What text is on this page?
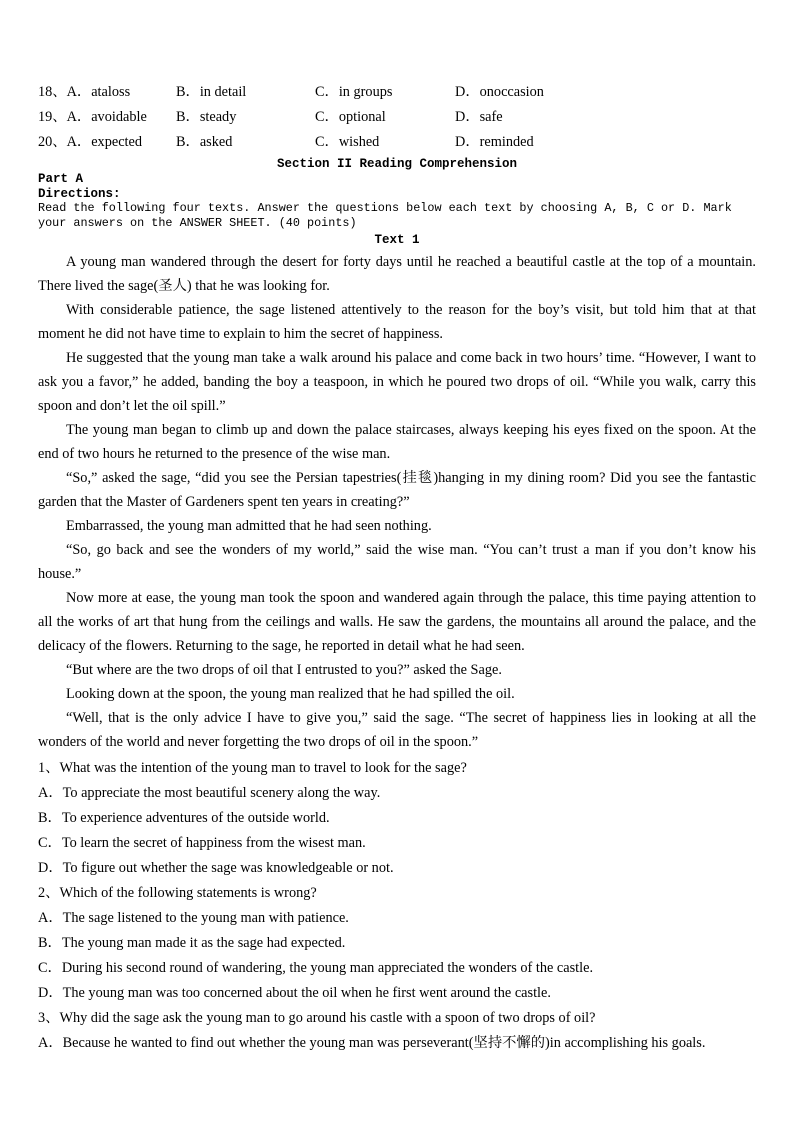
18、A．ataloss	B．in detail	C．in groups	D．onoccasion
19、A．avoidable	B．steady	C．optional	D．safe
20、A．expected	B．asked	C．wished	D．reminded
Section II Reading Comprehension
Part A
Directions:
Read the following four texts. Answer the questions below each text by choosing A, B, C or D. Mark your answers on the ANSWER SHEET. (40 points)
Text 1

A young man wandered through the desert for forty days until he reached a beautiful castle at the top of a mountain. There lived the sage(圣人) that he was looking for.

With considerable patience, the sage listened attentively to the reason for the boy’s visit, but told him that at that moment he did not have time to explain to him the secret of happiness.

He suggested that the young man take a walk around his palace and come back in two hours’ time. “However, I want to ask you a favor,” he added, banding the boy a teaspoon, in which he poured two drops of oil. “While you walk, carry this spoon and don’t let the oil spill.”

The young man began to climb up and down the palace staircases, always keeping his eyes fixed on the spoon. At the end of two hours he returned to the presence of the wise man.

“So,” asked the sage, “did you see the Persian tapestries(挂毯)hanging in my dining room? Did you see the fantastic garden that the Master of Gardeners spent ten years in creating?”

Embarrassed, the young man admitted that he had seen nothing.

“So, go back and see the wonders of my world,” said the wise man. “You can’t trust a man if you don’t know his house.”

Now more at ease, the young man took the spoon and wandered again through the palace, this time paying attention to all the works of art that hung from the ceilings and walls. He saw the gardens, the mountains all around the palace, and the delicacy of the flowers. Returning to the sage, he reported in detail what he had seen.

“But where are the two drops of oil that I entrusted to you?” asked the Sage.

Looking down at the spoon, the young man realized that he had spilled the oil.

“Well, that is the only advice I have to give you,” said the sage. “The secret of happiness lies in looking at all the wonders of the world and never forgetting the two drops of oil in the spoon.”

1、What was the intention of the young man to travel to look for the sage?
A．To appreciate the most beautiful scenery along the way.
B．To experience adventures of the outside world.
C．To learn the secret of happiness from the wisest man.
D．To figure out whether the sage was knowledgeable or not.
2、Which of the following statements is wrong?
A．The sage listened to the young man with patience.
B．The young man made it as the sage had expected.
C．During his second round of wandering, the young man appreciated the wonders of the castle.
D．The young man was too concerned about the oil when he first went around the castle.
3、Why did the sage ask the young man to go around his castle with a spoon of two drops of oil?
A．Because he wanted to find out whether the young man was perseverant(坚持不懈的)in accomplishing his goals.
